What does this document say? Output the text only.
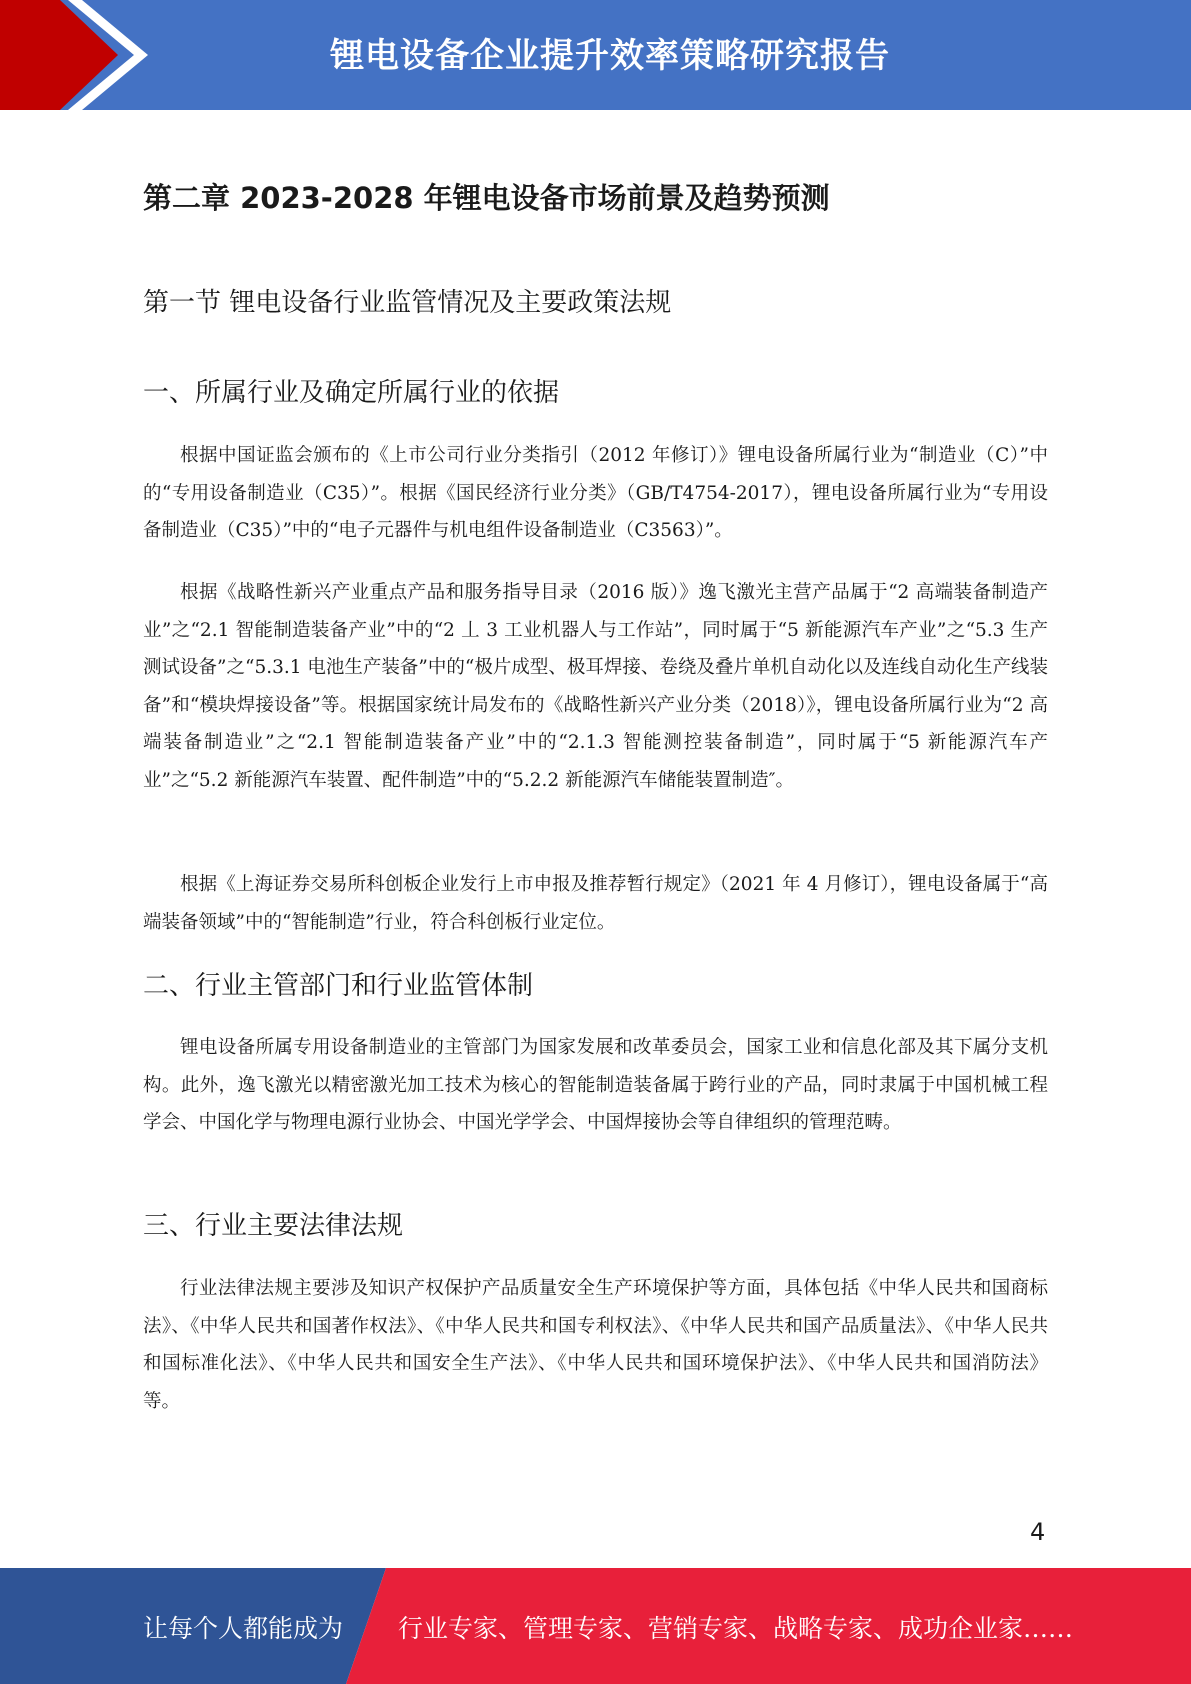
锂电设备企业提升效率策略研究报告
第二章 2023-2028 年锂电设备市场前景及趋势预测
第一节 锂电设备行业监管情况及主要政策法规
一、所属行业及确定所属行业的依据

根据中国证监会颁布的《上市公司行业分类指引（2012 年修订）》锂电设备所属行业为“制造业（C）”中的“专用设备制造业（C35）”。根据《国民经济行业分类》（GB/T4754-2017），锂电设备所属行业为“专用设备制造业（C35）”中的“电子元器件与机电组件设备制造业（C3563）”。

根据《战略性新兴产业重点产品和服务指导目录（2016 版）》逸飞激光主营产品属于“2 高端装备制造产业”之“2.1 智能制造装备产业”中的“2 丄 3 工业机器人与工作站”，同时属于“5 新能源汽车产业”之“5.3 生产测试设备”之“5.3.1 电池生产装备”中的“极片成型、极耳焊接、卷绕及叠片单机自动化以及连线自动化生产线装备”和“模块焊接设备”等。根据国家统计局发布的《战略性新兴产业分类（2018）》，锂电设备所属行业为“2 高端装备制造业”之“2.1 智能制造装备产业”中的“2.1.3 智能测控装备制造”，同时属于“5 新能源汽车产业”之“5.2 新能源汽车装置、配件制造”中的“5.2.2 新能源汽车储能装置制造″。

根据《上海证券交易所科创板企业发行上市申报及推荐暂行规定》（2021 年 4 月修订），锂电设备属于“高端装备领域”中的“智能制造”行业，符合科创板行业定位。

二、行业主管部门和行业监管体制

锂电设备所属专用设备制造业的主管部门为国家发展和改革委员会，国家工业和信息化部及其下属分支机构。此外，逸飞激光以精密激光加工技术为核心的智能制造装备属于跨行业的产品，同时隶属于中国机械工程学会、中国化学与物理电源行业协会、中国光学学会、中国焊接协会等自律组织的管理范畴。

三、行业主要法律法规

行业法律法规主要涉及知识产权保护产品质量安全生产环境保护等方面，具体包括《中华人民共和国商标法》、《中华人民共和国著作权法》、《中华人民共和国专利权法》、《中华人民共和国产品质量法》、《中华人民共和国标准化法》、《中华人民共和国安全生产法》、《中华人民共和国环境保护法》、《中华人民共和国消防法》等。

4
让每个人都能成为 行业专家、管理专家、营销专家、战略专家、成功企业家……
